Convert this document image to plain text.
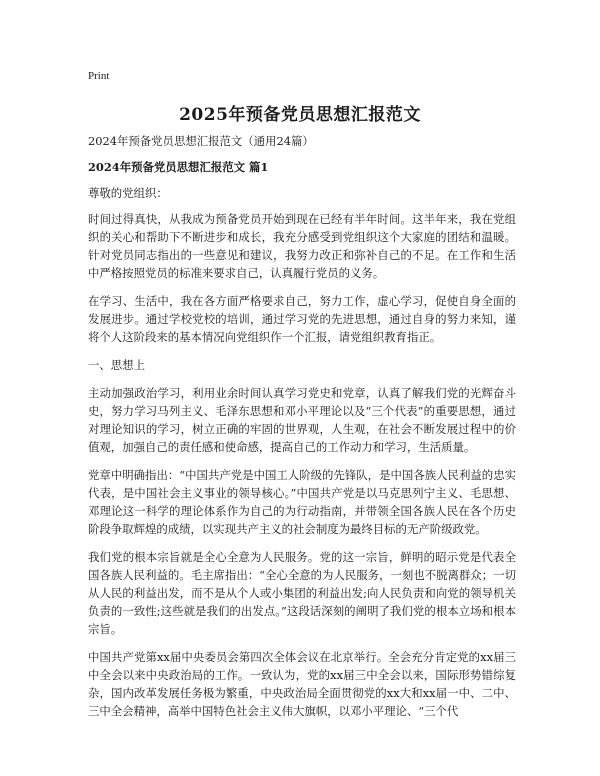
Print
2025年预备党员思想汇报范文

2024年预备党员思想汇报范文（通用24篇）

2024年预备党员思想汇报范文 篇1

尊敬的党组织：

时间过得真快，从我成为预备党员开始到现在已经有半年时间。这半年来，我在党组织的关心和帮助下不断进步和成长，我充分感受到党组织这个大家庭的团结和温暖。针对党员同志指出的一些意见和建议，我努力改正和弥补自己的不足。在工作和生活中严格按照党员的标准来要求自己，认真履行党员的义务。

在学习、生活中，我在各方面严格要求自己，努力工作，虚心学习，促使自身全面的发展进步。通过学校党校的培训，通过学习党的先进思想，通过自身的努力来知，谨将个人这阶段来的基本情况向党组织作一个汇报，请党组织教育指正。

一、思想上

主动加强政治学习，利用业余时间认真学习党史和党章，认真了解我们党的光辉奋斗史，努力学习马列主义、毛泽东思想和邓小平理论以及“三个代表”的重要思想，通过对理论知识的学习，树立正确的牢固的世界观，人生观，在社会不断发展过程中的价值观，加强自己的责任感和使命感，提高自己的工作动力和学习，生活质量。

党章中明确指出：“中国共产党是中国工人阶级的先锋队，是中国各族人民利益的忠实代表，是中国社会主义事业的领导核心。”中国共产党是以马克思列宁主义、毛思想、邓理论这一科学的理论体系作为自己的为行动指南，并带领全国各族人民在各个历史阶段争取辉煌的成绩，以实现共产主义的社会制度为最终目标的无产阶级政党。

我们党的根本宗旨就是全心全意为人民服务。党的这一宗旨，鲜明的昭示党是代表全国各族人民利益的。毛主席指出：“全心全意的为人民服务，一刻也不脱离群众；一切从人民的利益出发，而不是从个人或小集团的利益出发;向人民负责和向党的领导机关负责的一致性;这些就是我们的出发点。”这段话深刻的阐明了我们党的根本立场和根本宗旨。

中国共产党第xx届中央委员会第四次全体会议在北京举行。全会充分肯定党的xx届三中全会以来中央政治局的工作。一致认为，党的xx届三中全会以来，国际形势错综复杂，国内改革发展任务极为繁重，中央政治局全面贯彻党的xx大和xx届一中、二中、三中全会精神，高举中国特色社会主义伟大旗帜，以邓小平理论、“三个代
